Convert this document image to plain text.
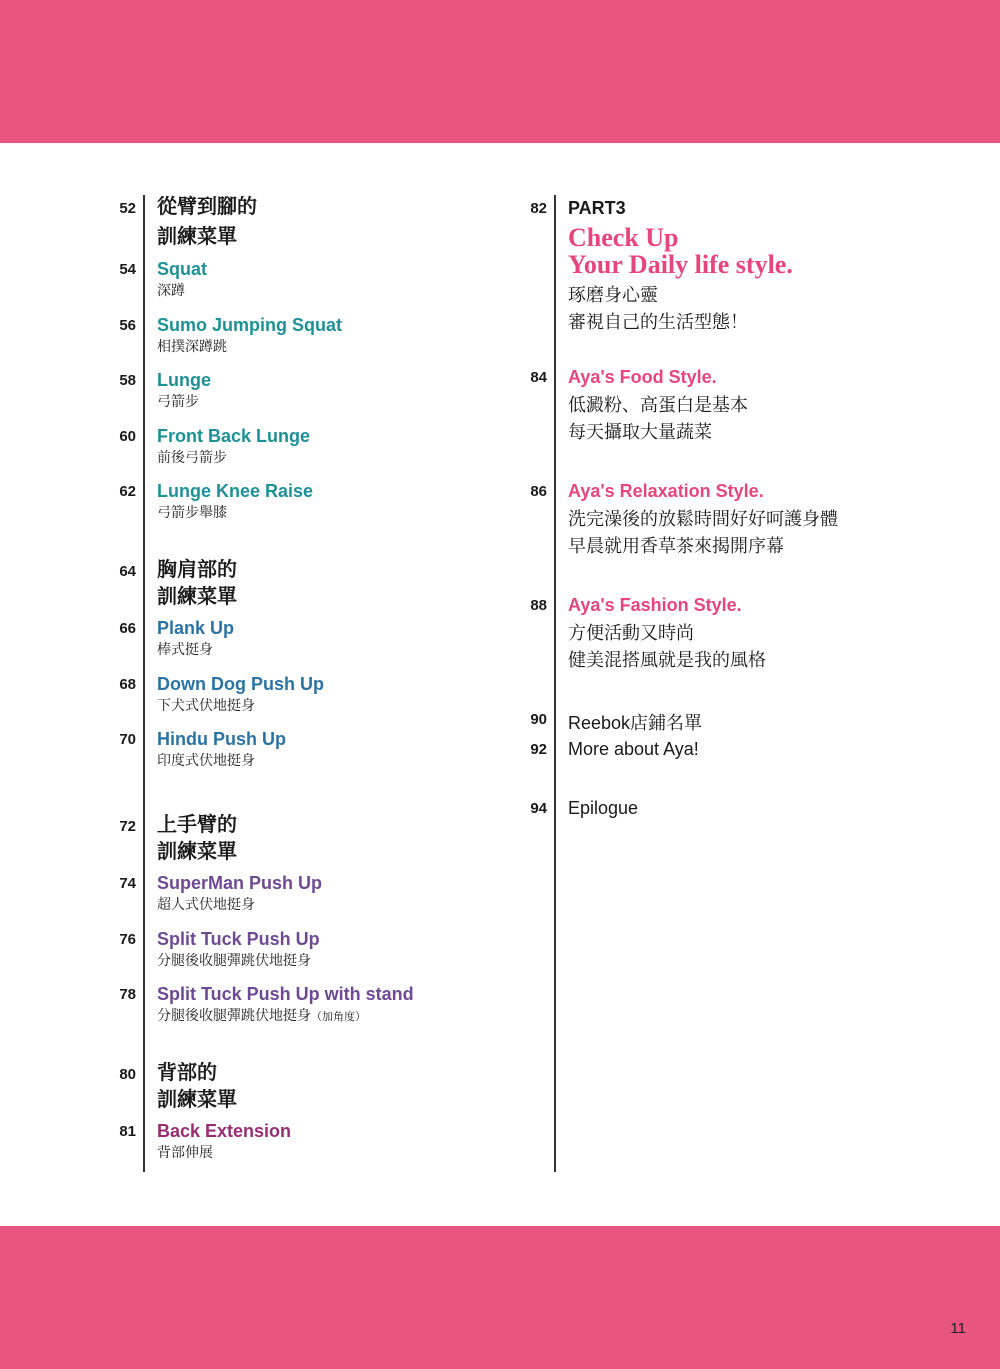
11
52 從臂到腳的
訓練菜單
54 Squat
深蹲
56 Sumo Jumping Squat
相撲深蹲跳
58 Lunge
弓箭步
60 Front Back Lunge
前後弓箭步
62 Lunge Knee Raise
弓箭步舉膝
64 胸肩部的
訓練菜單
66 Plank Up
棒式挺身
68 Down Dog Push Up
下犬式伏地挺身
70 Hindu Push Up
印度式伏地挺身
72 上手臂的
訓練菜單
74 SuperMan Push Up
超人式伏地挺身
76 Split Tuck Push Up
分腿後收腿彈跳伏地挺身
78 Split Tuck Push Up with stand
分腿後收腿彈跳伏地挺身（加角度）
80 背部的
訓練菜單
81 Back Extension
背部伸展
82 PART3
Check Up
Your Daily life style.
琢磨身心靈
審視自己的生活型態！
84 Aya's Food Style.
低澱粉、高蛋白是基本
每天攝取大量蔬菜
86 Aya's Relaxation Style.
洗完澡後的放鬆時間好好呵護身體
早晨就用香草茶來揭開序幕
88 Aya's Fashion Style.
方便活動又時尚
健美混搭風就是我的風格
90 Reebok店鋪名單
92 More about Aya!
94 Epilogue
